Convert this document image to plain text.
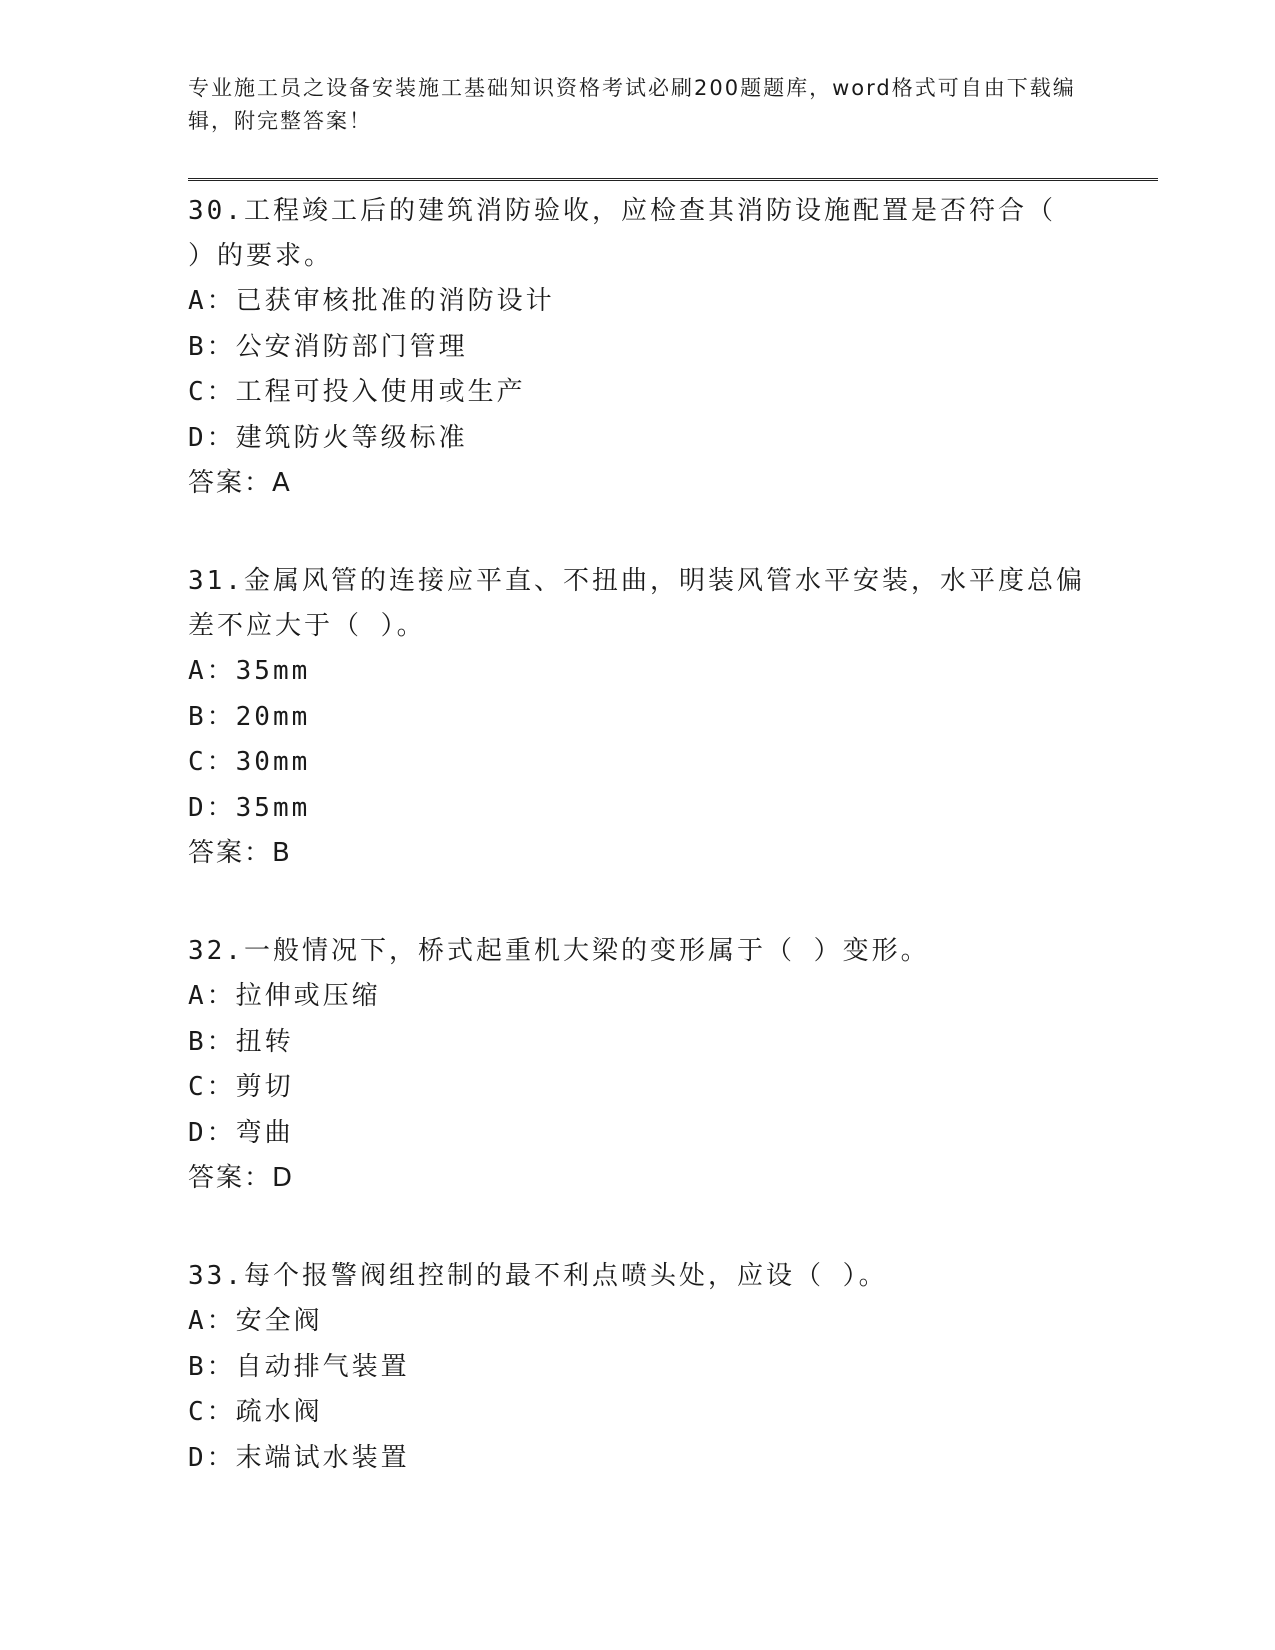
专业施工员之设备安装施工基础知识资格考试必刷200题题库，word格式可自由下载编辑，附完整答案！

30.工程竣工后的建筑消防验收，应检查其消防设施配置是否符合（ ）的要求。

A： 已获审核批准的消防设计
B： 公安消防部门管理
C： 工程可投入使用或生产
D： 建筑防火等级标准

答案：A

31.金属风管的连接应平直、不扭曲，明装风管水平安装，水平度总偏差不应大于（ ）。

A： 35mm
B： 20mm
C： 30mm
D： 35mm

答案：B

32.一般情况下，桥式起重机大梁的变形属于（ ）变形。

A： 拉伸或压缩
B： 扭转
C： 剪切
D： 弯曲

答案：D

33.每个报警阀组控制的最不利点喷头处，应设（ ）。

A： 安全阀
B： 自动排气装置
C： 疏水阀
D： 末端试水装置
